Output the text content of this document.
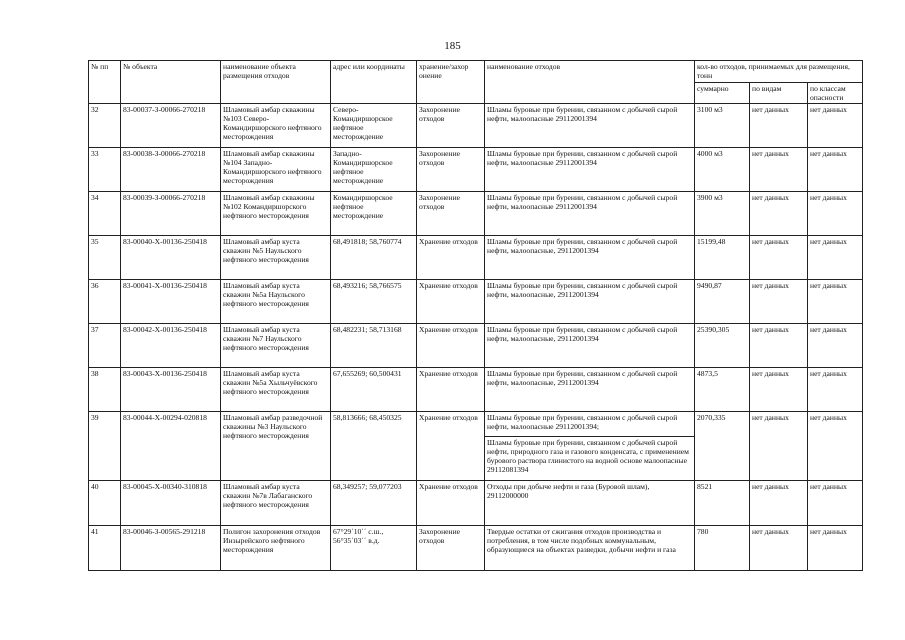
185
№ пп	№ объекта	наименование объекта размещения отходов	адрес или координаты	хранение/захор онение	наименование отходов	кол-во отходов, принимаемых для размещения, тонн		
						суммарно	по видам	по классам опасности
32	83-00037-З-00066-270218	Шламовый амбар скважины №103 Северо-Командиршорского нефтяного месторождения	Северо-Командиршорское нефтяное месторождение	Захоронение отходов	Шламы буровые при бурении, связанном с добычей сырой нефти, малоопасные 29112001394	3100 м3	нет данных	нет данных
33	83-00038-З-00066-270218	Шламовый амбар скважины №104 Западно-Командиршорского нефтяного месторождения	Западно-Командиршорское нефтяное месторождение	Захоронение отходов	Шламы буровые при бурении, связанном с добычей сырой нефти, малоопасные 29112001394	4000 м3	нет данных	нет данных
34	83-00039-З-00066-270218	Шламовый амбар скважины №102 Командиршорского нефтяного месторождения	Командиршорское нефтяное месторождение	Захоронение отходов	Шламы буровые при бурении, связанном с добычей сырой нефти, малоопасные 29112001394	3900 м3	нет данных	нет данных
35	83-00040-Х-00136-250418	Шламовый амбар куста скважин №5 Наульского нефтяного месторождения	68,491818; 58,760774	Хранение отходов	Шламы буровые при бурении, связанном с добычей сырой нефти, малоопасные, 29112001394	15199,48	нет данных	нет данных
36	83-00041-Х-00136-250418	Шламовый амбар куста скважин №5а Наульского нефтяного месторождения	68,493216; 58,766575	Хранение отходов	Шламы буровые при бурении, связанном с добычей сырой нефти, малоопасные, 29112001394	9490,87	нет данных	нет данных
37	83-00042-Х-00136-250418	Шламовый амбар куста скважин №7 Наульского нефтяного месторождения	68,482231; 58,713168	Хранение отходов	Шламы буровые при бурении, связанном с добычей сырой нефти, малоопасные, 29112001394	25390,305	нет данных	нет данных
38	83-00043-Х-00136-250418	Шламовый амбар куста скважин №5а Хыльчуёвского нефтяного месторождения	67,655269; 60,500431	Хранение отходов	Шламы буровые при бурении, связанном с добычей сырой нефти, малоопасные, 29112001394	4873,5	нет данных	нет данных
39	83-00044-Х-00294-020818	Шламовый амбар разведочной скважины №3 Наульского нефтяного месторождения	58,813666; 68,450325	Хранение отходов	Шламы буровые при бурении, связанном с добычей сырой нефти, малоопасные 29112001394;	2070,335	нет данных	нет данных
					Шламы буровые при бурении, связанном с добычей сырой нефти, природного газа и газового конденсата, с применением бурового раствора глинистого на водной основе малоопасные 29112081394			
40	83-00045-Х-00340-310818	Шламовый амбар куста скважин №7в Лабаганского нефтяного месторождения	68,349257; 59,077203	Хранение отходов	Отходы при добыче нефти и газа (Буровой шлам), 29112000000	8521	нет данных	нет данных
41	83-00046-З-00565-291218	Полигон захоронения отходов Инзырейского нефтяного месторождения	67°29΄10΄΄ с.ш., 56°35΄03΄΄ в.д.	Захоронение отходов	Твердые остатки от сжигания отходов производства и потребления, в том числе подобных коммунальным, образующиеся на объектах разведки, добычи нефти и газа	780	нет данных	нет данных
